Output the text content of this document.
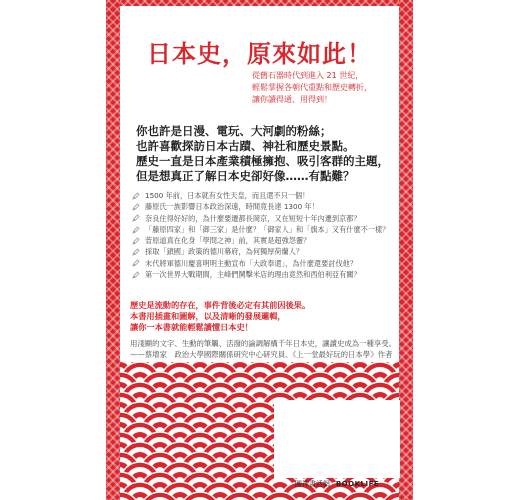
日本史，原來如此！
從舊石器時代到進入 21 世紀，
輕鬆掌握各朝代重點和歷史轉折，
讓你讀得通、用得到！
你也許是日漫、電玩、大河劇的粉絲；
也許喜歡探訪日本古蹟、神社和歷史景點。
歷史一直是日本產業積極擁抱、吸引客群的主題，
但是想真正了解日本史卻好像……有點難？
1500 年前，日本就有女性天皇，而且還不只一個！
藤原氏一族影響日本政治深遠，時間竟長達 1300 年！
奈良住得好好的，為什麼要遷都長岡京，又在短短十年內遷到京都？
「藤原四家」和「御三家」是什麼？「御家人」和「旗本」又有什麼不一樣？
菅原道真在化身「學問之神」前，其實是超強怨靈？
採取「鎖國」政策的德川幕府，為何獨厚荷蘭人？
末代將軍德川慶喜明明主動宣布「大政奉還」，為什麼還要討伐他？
第一次世界大戰期間，主峰們鬨擊米店的理由竟然和西伯利亞有關？
歷史是流動的存在，事件背後必定有其前因後果。
本書用插畫和圖解，以及清晰的發展邏輯，
讓你一本書就能輕鬆讀懂日本史！
用淺顯的文字、生動的筆觸、活潑的論調解構千年日本史，讓讀史成為一種享受。
——蔡增家　政治大學國際關係研究中心研究員、《上一堂最好玩的日本學》作者
圓神書活網 BOOKLIFE
